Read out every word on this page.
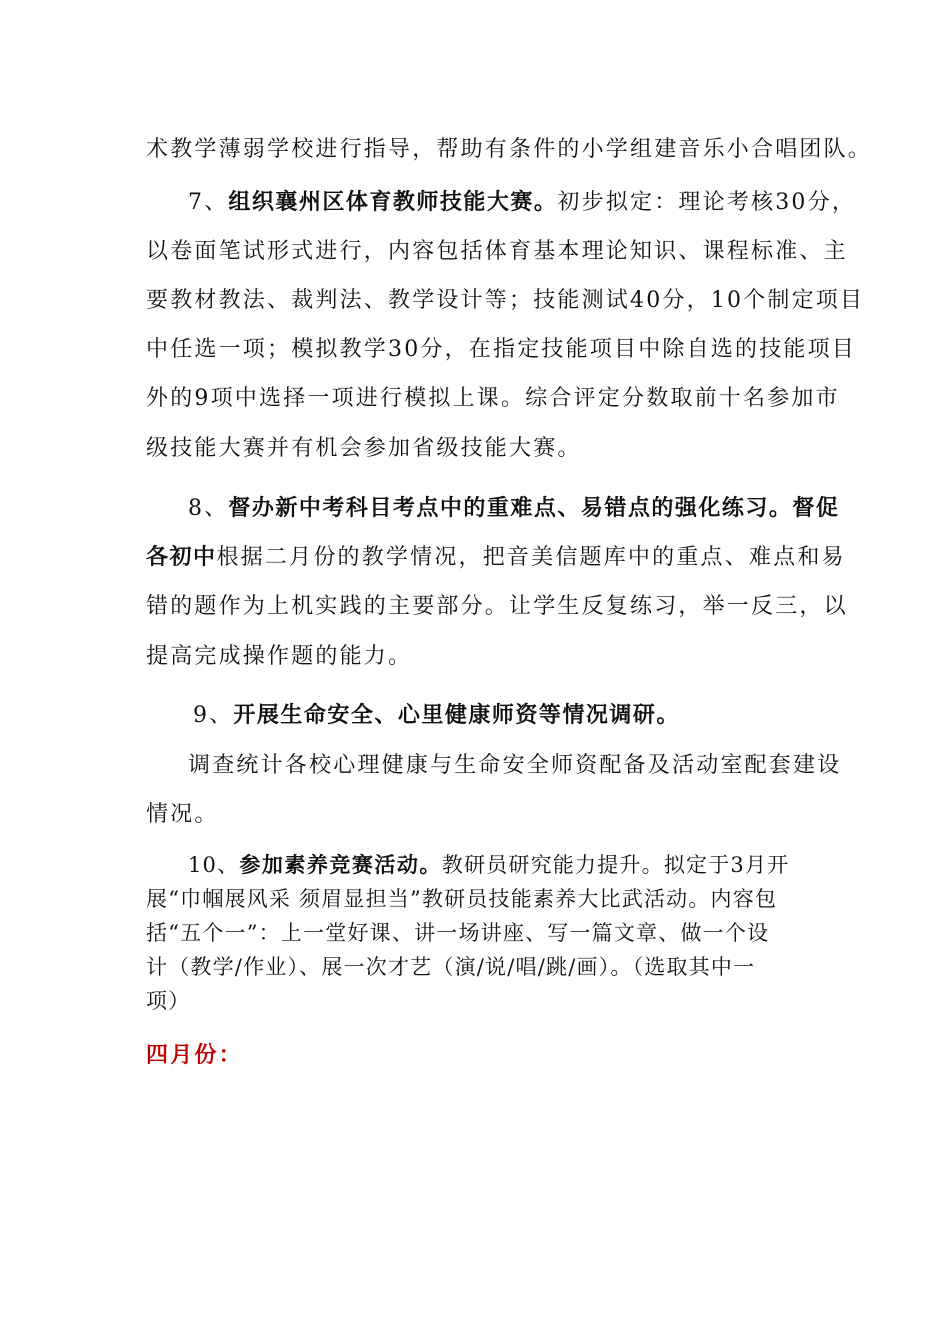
术教学薄弱学校进行指导，帮助有条件的小学组建音乐小合唱团队。
7、组织襄州区体育教师技能大赛。初步拟定：理论考核30分，
以卷面笔试形式进行，内容包括体育基本理论知识、课程标准、主
要教材教法、裁判法、教学设计等；技能测试40分，10个制定项目
中任选一项；模拟教学30分，在指定技能项目中除自选的技能项目
外的9项中选择一项进行模拟上课。综合评定分数取前十名参加市
级技能大赛并有机会参加省级技能大赛。
8、督办新中考科目考点中的重难点、易错点的强化练习。督促
各初中根据二月份的教学情况，把音美信题库中的重点、难点和易
错的题作为上机实践的主要部分。让学生反复练习，举一反三，以
提高完成操作题的能力。
9、开展生命安全、心里健康师资等情况调研。
调查统计各校心理健康与生命安全师资配备及活动室配套建设
情况。
10、参加素养竞赛活动。教研员研究能力提升。拟定于3月开
展“巾帼展风采 须眉显担当”教研员技能素养大比武活动。内容包
括“五个一”：上一堂好课、讲一场讲座、写一篇文章、做一个设
计（教学/作业）、展一次才艺（演/说/唱/跳/画）。（选取其中一
项）
四月份：
